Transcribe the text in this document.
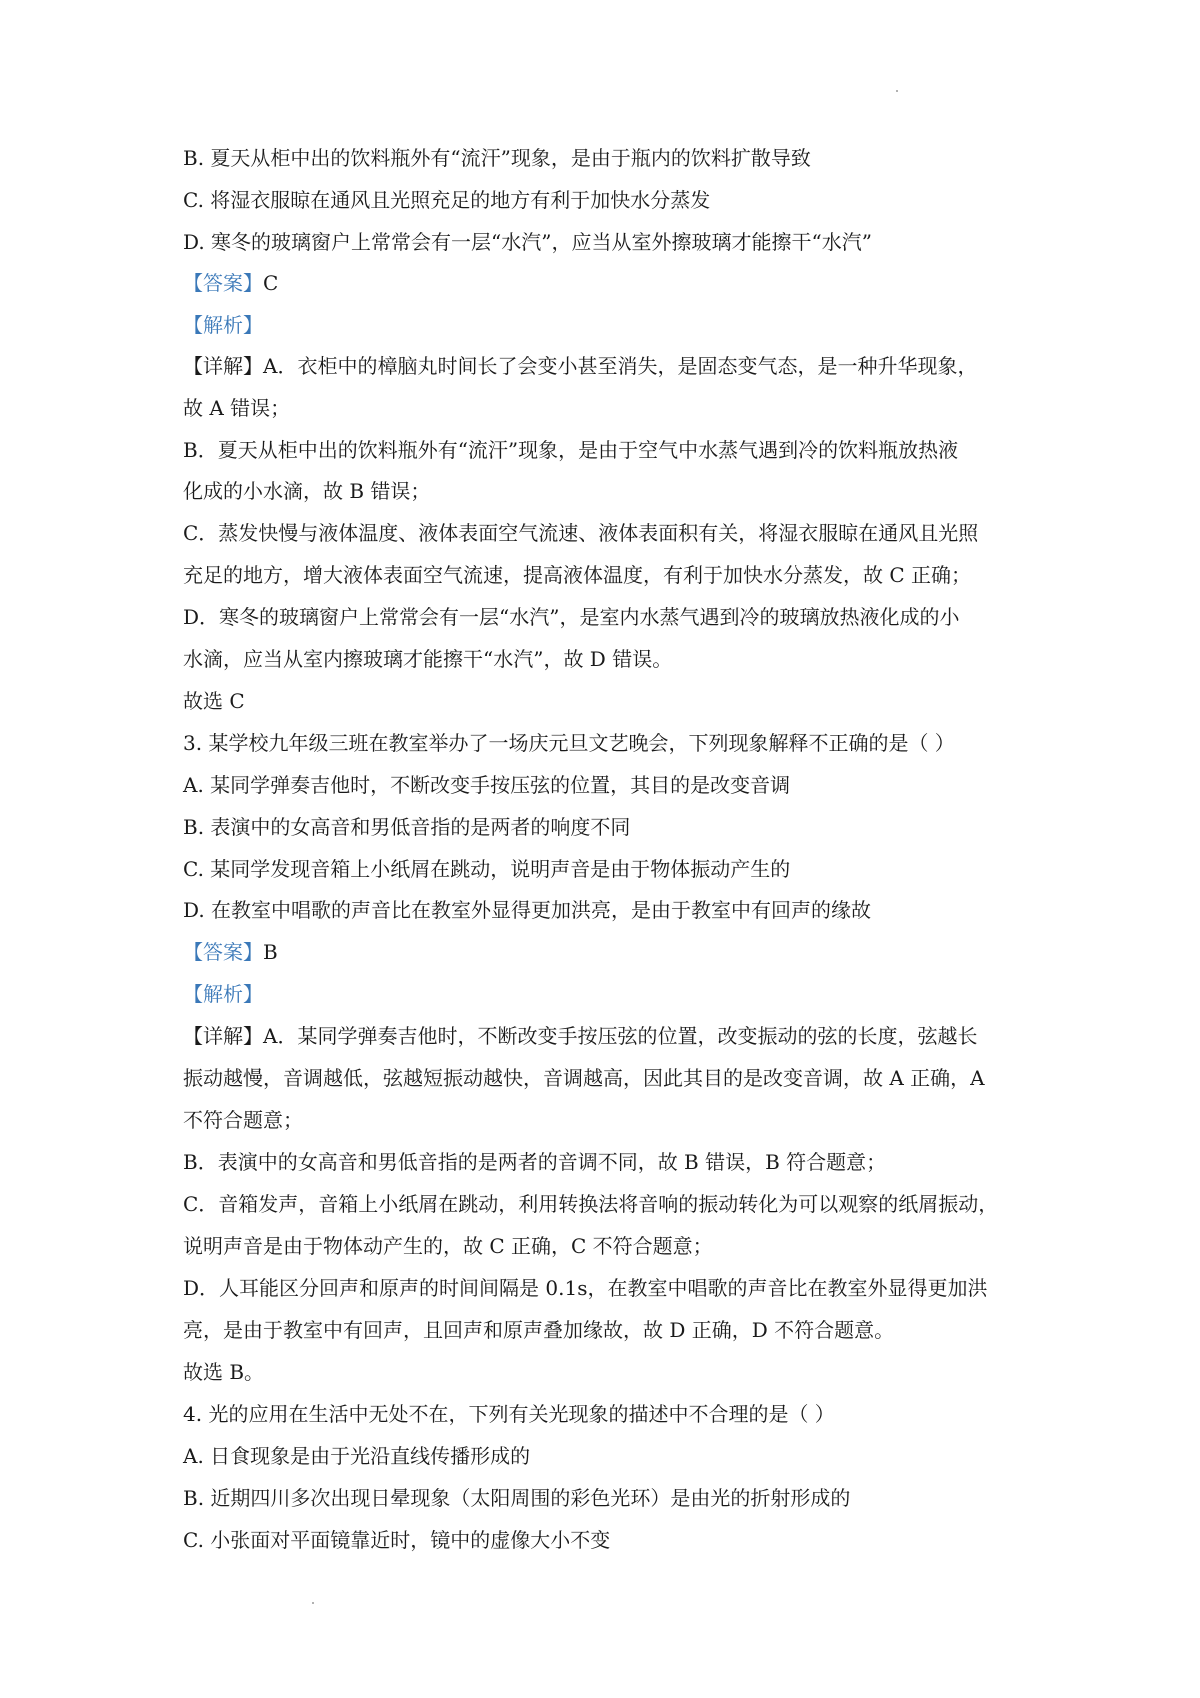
B. 夏天从柜中出的饮料瓶外有“流汗”现象，是由于瓶内的饮料扩散导致

C. 将湿衣服晾在通风且光照充足的地方有利于加快水分蒸发

D. 寒冬的玻璃窗户上常常会有一层“水汽”，应当从室外擦玻璃才能擦干“水汽”

【答案】C

【解析】

【详解】A．衣柜中的樟脑丸时间长了会变小甚至消失，是固态变气态，是一种升华现象，

故 A 错误；

B．夏天从柜中出的饮料瓶外有“流汗”现象，是由于空气中水蒸气遇到冷的饮料瓶放热液

化成的小水滴，故 B 错误；

C．蒸发快慢与液体温度、液体表面空气流速、液体表面积有关，将湿衣服晾在通风且光照

充足的地方，增大液体表面空气流速，提高液体温度，有利于加快水分蒸发，故 C 正确；

D．寒冬的玻璃窗户上常常会有一层“水汽”，是室内水蒸气遇到冷的玻璃放热液化成的小

水滴，应当从室内擦玻璃才能擦干“水汽”，故 D 错误。

故选 C

3. 某学校九年级三班在教室举办了一场庆元旦文艺晚会，下列现象解释不正确的是（ ）

A. 某同学弹奏吉他时，不断改变手按压弦的位置，其目的是改变音调

B. 表演中的女高音和男低音指的是两者的响度不同

C. 某同学发现音箱上小纸屑在跳动，说明声音是由于物体振动产生的

D. 在教室中唱歌的声音比在教室外显得更加洪亮，是由于教室中有回声的缘故

【答案】B

【解析】

【详解】A．某同学弹奏吉他时，不断改变手按压弦的位置，改变振动的弦的长度，弦越长

振动越慢，音调越低，弦越短振动越快，音调越高，因此其目的是改变音调，故 A 正确，A

不符合题意；

B．表演中的女高音和男低音指的是两者的音调不同，故 B 错误，B 符合题意；

C．音箱发声，音箱上小纸屑在跳动，利用转换法将音响的振动转化为可以观察的纸屑振动，

说明声音是由于物体动产生的，故 C 正确，C 不符合题意；

D．人耳能区分回声和原声的时间间隔是 0.1s，在教室中唱歌的声音比在教室外显得更加洪

亮，是由于教室中有回声，且回声和原声叠加缘故，故 D 正确，D 不符合题意。

故选 B。

4. 光的应用在生活中无处不在，下列有关光现象的描述中不合理的是（ ）

A. 日食现象是由于光沿直线传播形成的

B. 近期四川多次出现日晕现象（太阳周围的彩色光环）是由光的折射形成的

C. 小张面对平面镜靠近时，镜中的虚像大小不变
